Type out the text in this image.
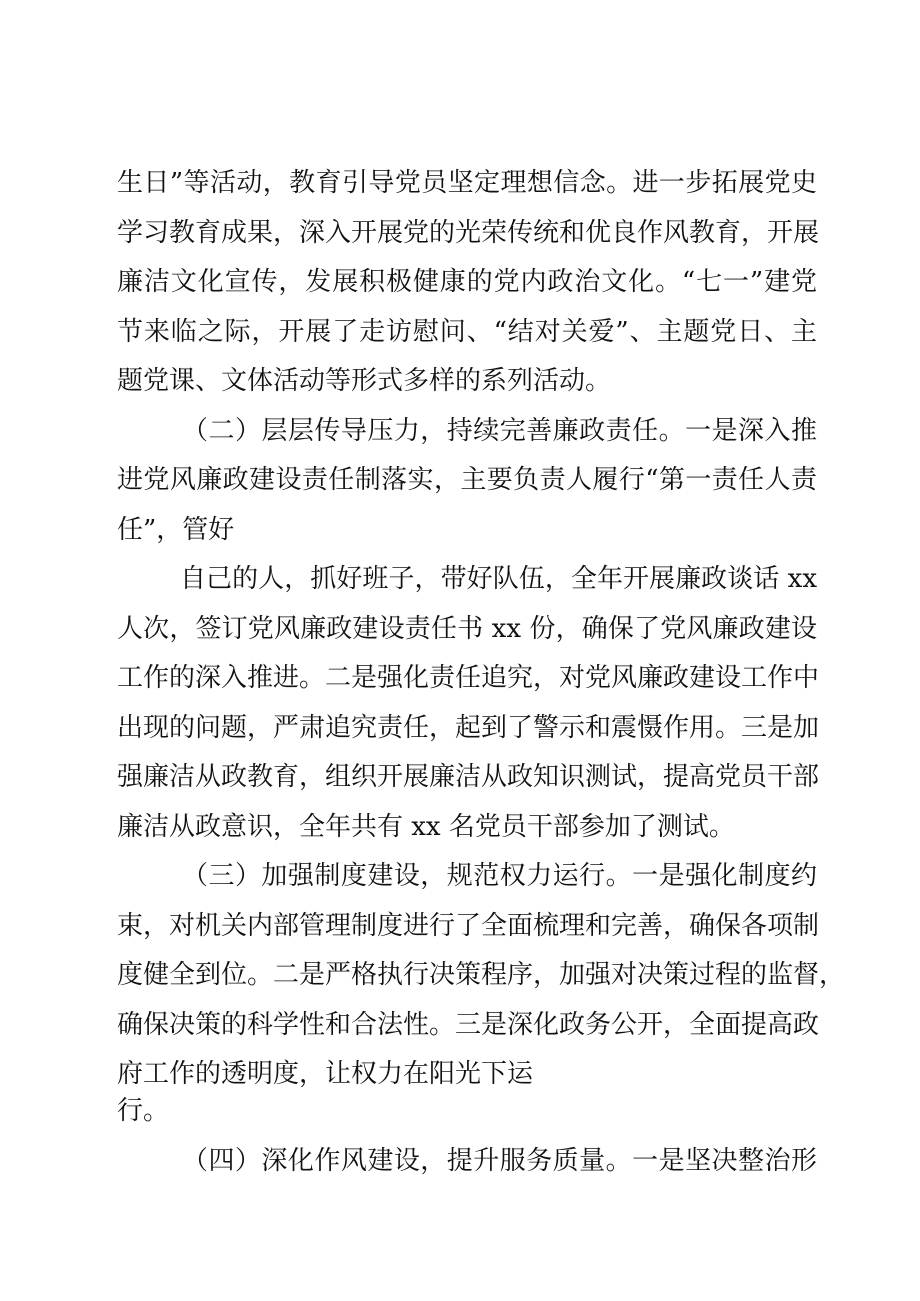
生日”等活动，教育引导党员坚定理想信念。进一步拓展党史
学习教育成果，深入开展党的光荣传统和优良作风教育，开展
廉洁文化宣传，发展积极健康的党内政治文化。“七一”建党
节来临之际，开展了走访慰问、“结对关爱”、主题党日、主
题党课、文体活动等形式多样的系列活动。
（二）层层传导压力，持续完善廉政责任。一是深入推
进党风廉政建设责任制落实，主要负责人履行“第一责任人责
任”，管好
自己的人，抓好班子，带好队伍，全年开展廉政谈话 xx
人次，签订党风廉政建设责任书 xx 份，确保了党风廉政建设
工作的深入推进。二是强化责任追究，对党风廉政建设工作中
出现的问题，严肃追究责任，起到了警示和震慑作用。三是加
强廉洁从政教育，组织开展廉洁从政知识测试，提高党员干部
廉洁从政意识，全年共有 xx 名党员干部参加了测试。
（三）加强制度建设，规范权力运行。一是强化制度约
束，对机关内部管理制度进行了全面梳理和完善，确保各项制
度健全到位。二是严格执行决策程序，加强对决策过程的监督，
确保决策的科学性和合法性。三是深化政务公开，全面提高政
府工作的透明度，让权力在阳光下运
行。
（四）深化作风建设，提升服务质量。一是坚决整治形
